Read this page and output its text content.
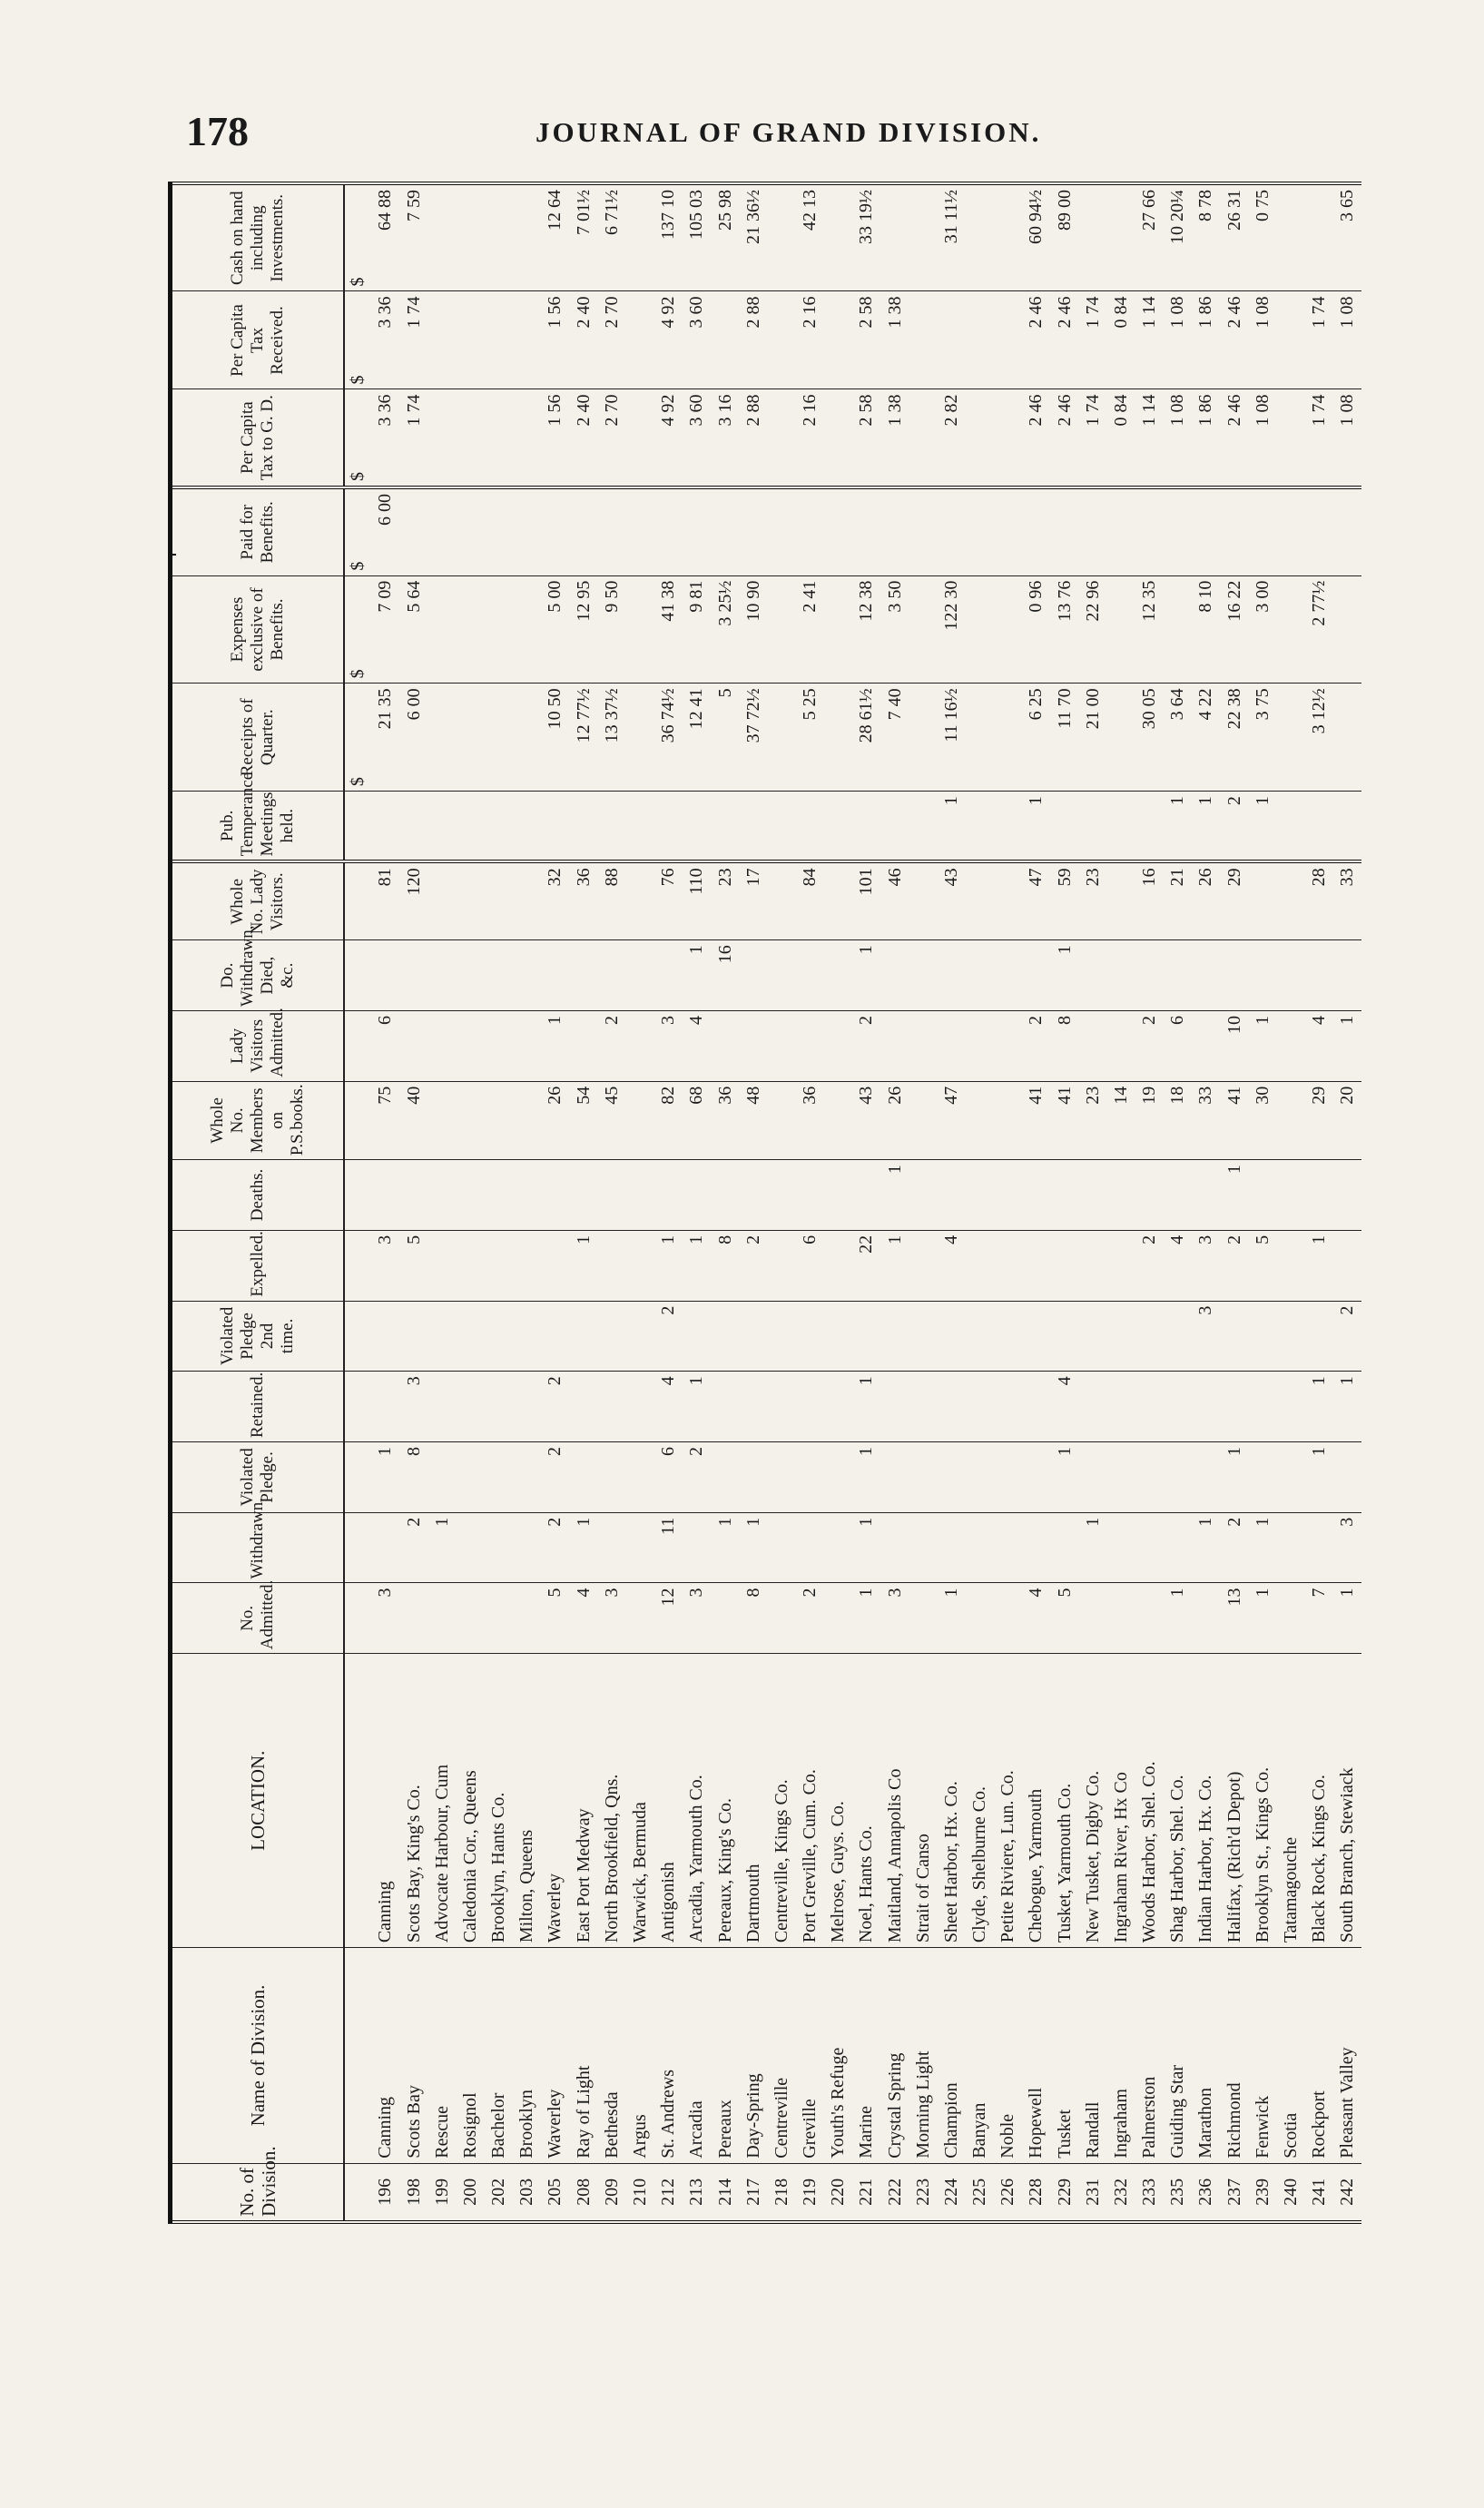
178	JOURNAL OF GRAND DIVISION.
No. of Division.	Name of Division.	LOCATION.	No. Admitted.	Withdrawn.	Violated Pledge.	Retained.	Violated Pledge 2nd time.	Expelled.	Deaths.	Whole No. Members on P.S.books.	Lady Visitors Admitted.	Do. Withdrawn, Died, &c.	Whole No. Lady Visitors.	Pub. Temperance Meetings held.	Receipts of Quarter.	Expenses exclusive of Benefits.	Paid for Benefits.	Per Capita Tax to G. D.	Per Capita Tax Received.	Cash on hand including Investments.
															$	$	$	$	$	$
196	Canning	Canning	3		1			3		75	6		81		21 35	7 09	6 00	3 36	3 36	64 88
198	Scots Bay	Scots Bay, King's Co.		2	8	3		5		40			120		6 00	5 64		1 74	1 74	7 59
199	Rescue	Advocate Harbour, Cum		1																
200	Rosignol	Caledonia Cor., Queens																		
202	Bachelor	Brooklyn, Hants Co.																		
203	Brooklyn	Milton, Queens																		
205	Waverley	Waverley	5	2	2	2				26	1		32		10 50	5 00		1 56	1 56	12 64
208	Ray of Light	East Port Medway	4	1				1		54			36		12 77½	12 95		2 40	2 40	7 01½
209	Bethesda	North Brookfield, Qns.	3							45	2		88		13 37½	9 50		2 70	2 70	6 71½
210	Argus	Warwick, Bermuda																		
212	St. Andrews	Antigonish	12	11	6	4	2	1		82	3		76		36 74½	41 38		4 92	4 92	137 10
213	Arcadia	Arcadia, Yarmouth Co.	3		2	1		1		68	4	1	110		12 41	9 81		3 60	3 60	105 03
214	Pereaux	Pereaux, King's Co.		1				8		36		16	23		5	3 25½		3 16		25 98
217	Day-Spring	Dartmouth	8	1				2		48			17		37 72½	10 90		2 88	2 88	21 36½
218	Centreville	Centreville, Kings Co.																		
219	Greville	Port Greville, Cum. Co.	2					6		36			84		5 25	2 41		2 16	2 16	42 13
220	Youth's Refuge	Melrose, Guys. Co.																		
221	Marine	Noel, Hants Co.	1	1	1	1		22		43	2	1	101		28 61½	12 38		2 58	2 58	33 19½
222	Crystal Spring	Maitland, Annapolis Co	3					1	1	26			46		7 40	3 50		1 38	1 38	
223	Morning Light	Strait of Canso																		
224	Champion	Sheet Harbor, Hx. Co.	1					4		47			43	1	11 16½	122 30		2 82		31 11½
225	Banyan	Clyde, Shelburne Co.																		
226	Noble	Petite Riviere, Lun. Co.																		
228	Hopewell	Chebogue, Yarmouth	4							41	2		47	1	6 25	0 96		2 46	2 46	60 94½
229	Tusket	Tusket, Yarmouth Co.	5		1	4				41	8	1	59		11 70	13 76		2 46	2 46	89 00
231	Randall	New Tusket, Digby Co.		1						23			23		21 00	22 96		1 74	1 74	
232	Ingraham	Ingraham River, Hx Co								14								0 84	0 84	
233	Palmerston	Woods Harbor, Shel. Co.						2		19	2		16		30 05	12 35		1 14	1 14	27 66
235	Guiding Star	Shag Harbor, Shel. Co.	1					4		18	6		21	1	3 64			1 08	1 08	10 20¼
236	Marathon	Indian Harbor, Hx. Co.		1			3	3		33			26	1	4 22	8 10		1 86	1 86	8 78
237	Richmond	Halifax, (Rich'd Depot)	13	2	1			2	1	41	10		29	2	22 38	16 22		2 46	2 46	26 31
239	Fenwick	Brooklyn St., Kings Co.	1	1				5		30	1			1	3 75	3 00		1 08	1 08	0 75
240	Scotia	Tatamagouche																		
241	Rockport	Black Rock, Kings Co.	7		1	1		1		29	4		28		3 12½	2 77½		1 74	1 74	
242	Pleasant Valley	South Branch, Stewiack	1	3		1	2			20	1		33					1 08	1 08	3 65
